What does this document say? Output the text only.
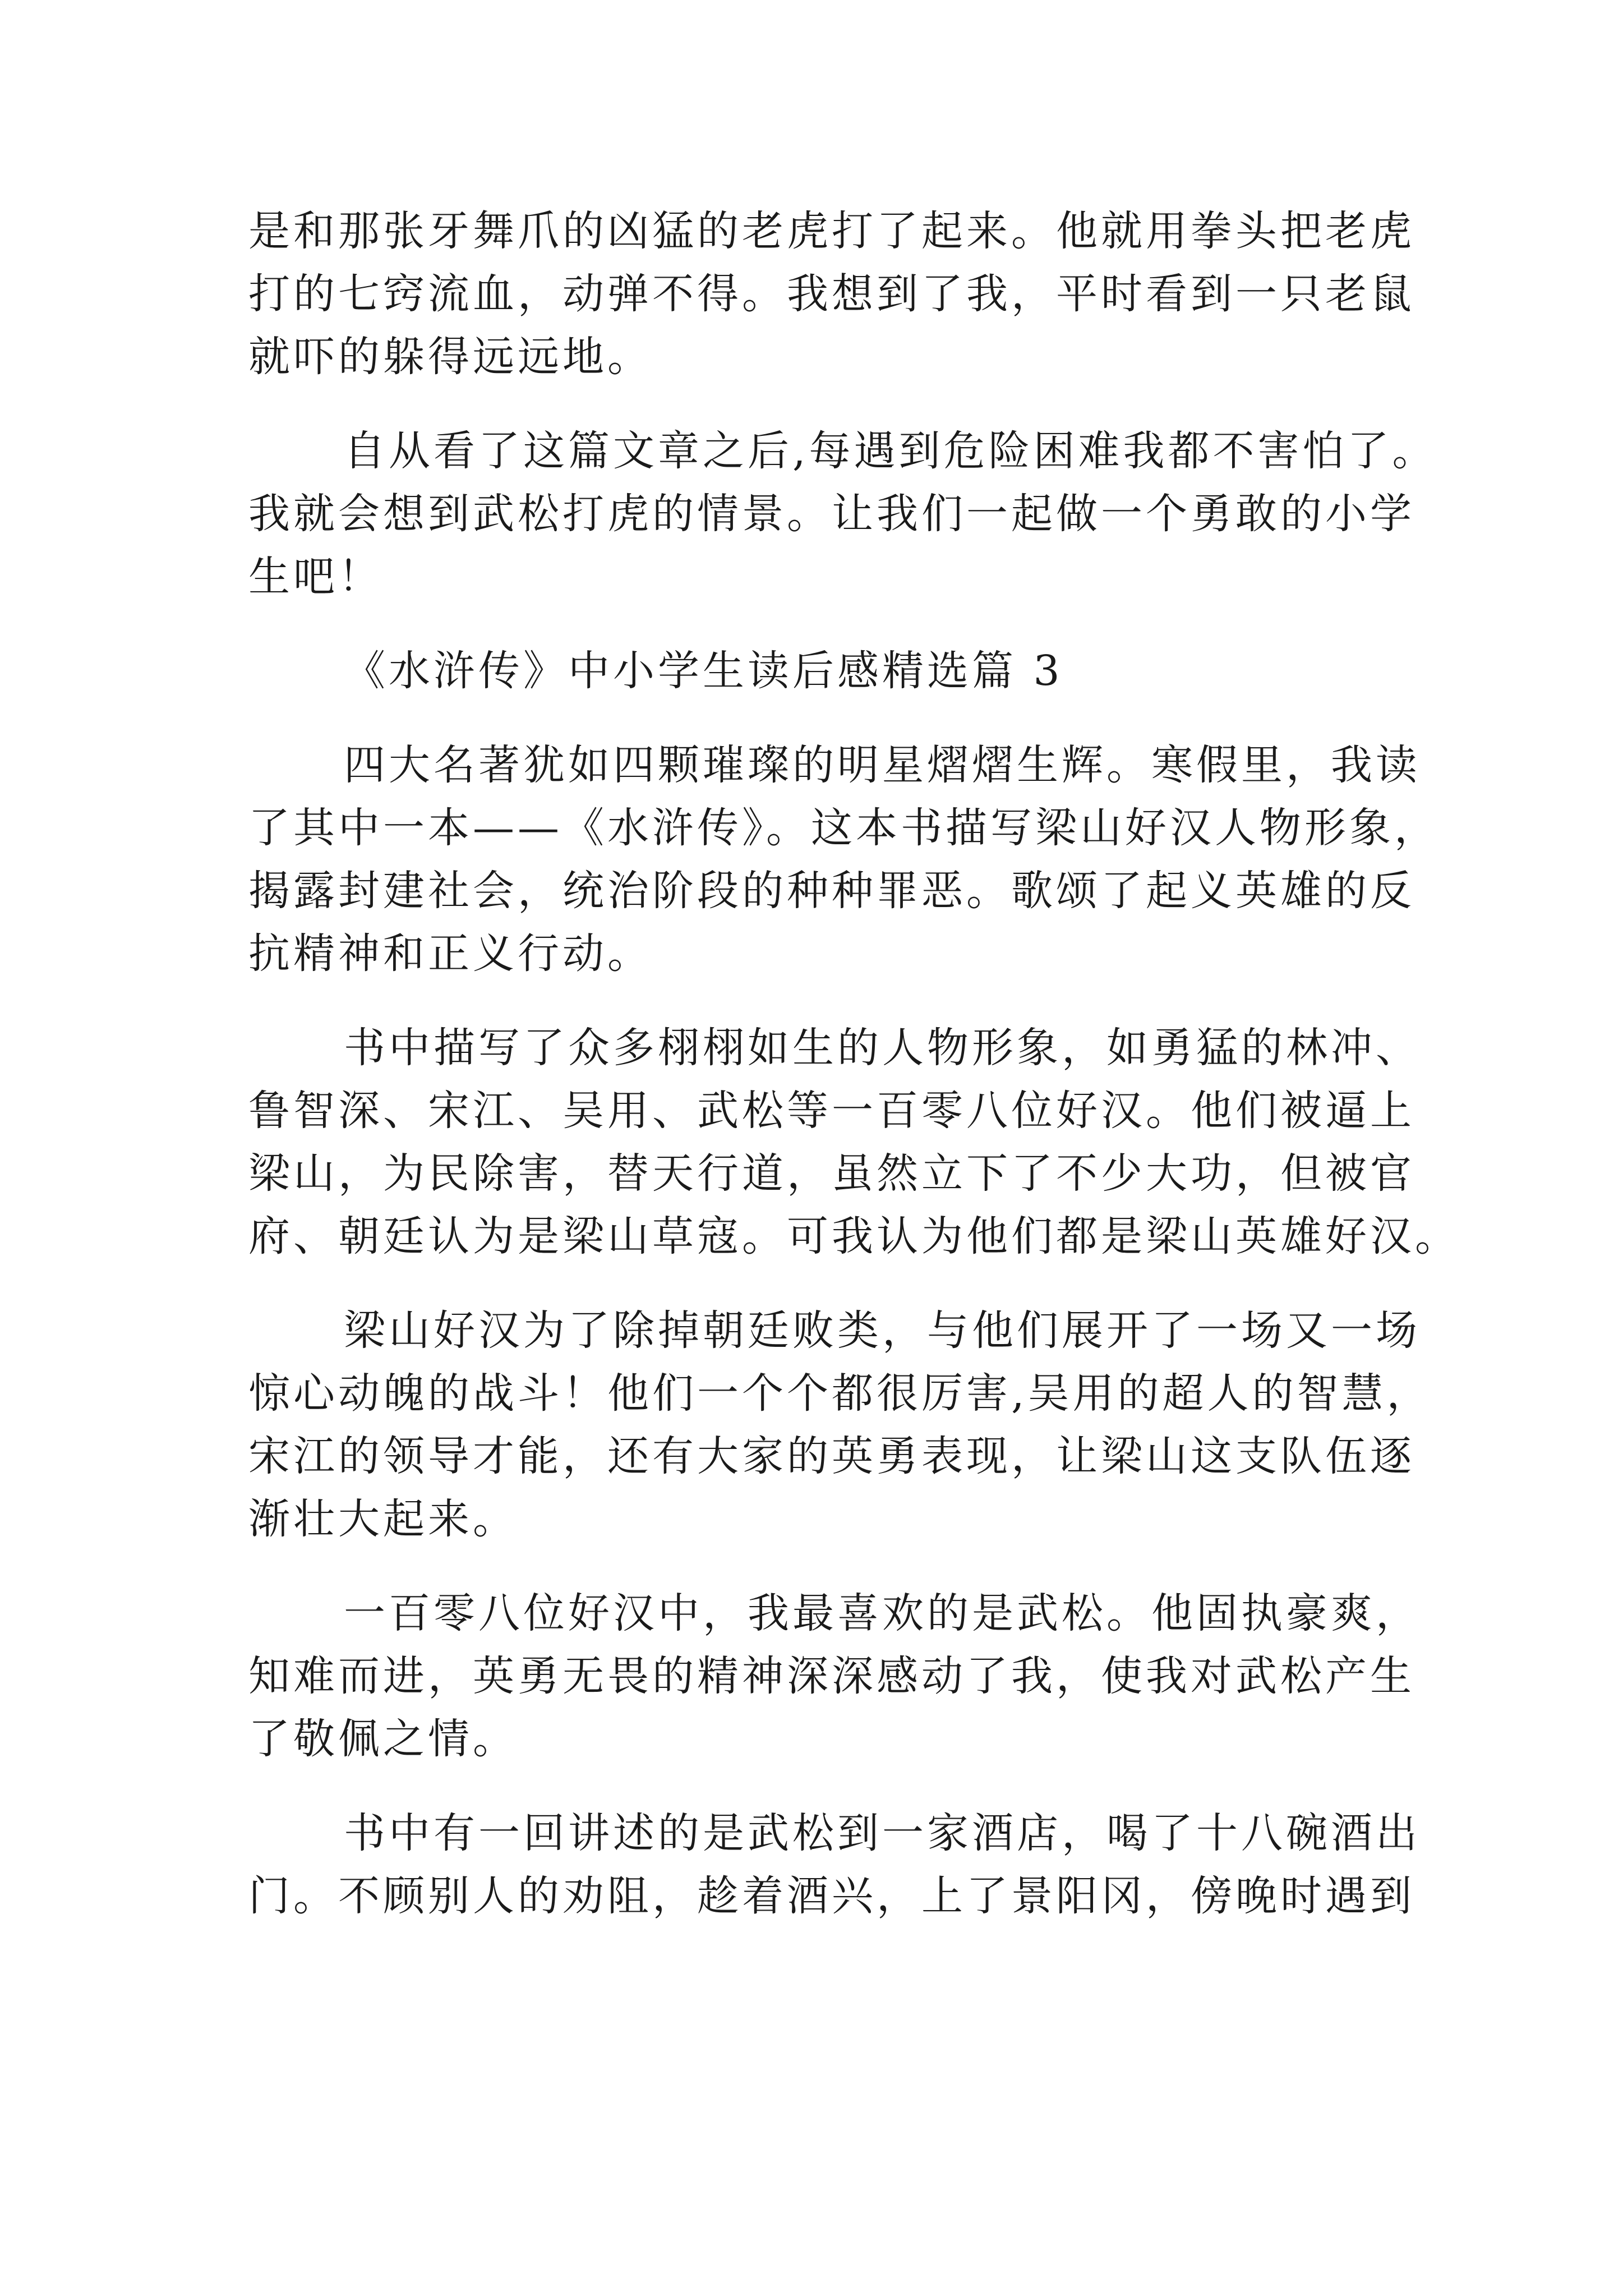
是和那张牙舞爪的凶猛的老虎打了起来。他就用拳头把老虎
打的七窍流血，动弹不得。我想到了我，平时看到一只老鼠
就吓的躲得远远地。
自从看了这篇文章之后,每遇到危险困难我都不害怕了。
我就会想到武松打虎的情景。让我们一起做一个勇敢的小学
生吧！
《水浒传》中小学生读后感精选篇 3
四大名著犹如四颗璀璨的明星熠熠生辉。寒假里，我读
了其中一本——《水浒传》。这本书描写梁山好汉人物形象，
揭露封建社会，统治阶段的种种罪恶。歌颂了起义英雄的反
抗精神和正义行动。
书中描写了众多栩栩如生的人物形象，如勇猛的林冲、
鲁智深、宋江、吴用、武松等一百零八位好汉。他们被逼上
梁山，为民除害，替天行道，虽然立下了不少大功，但被官
府、朝廷认为是梁山草寇。可我认为他们都是梁山英雄好汉。
梁山好汉为了除掉朝廷败类，与他们展开了一场又一场
惊心动魄的战斗！他们一个个都很厉害,吴用的超人的智慧，
宋江的领导才能，还有大家的英勇表现，让梁山这支队伍逐
渐壮大起来。
一百零八位好汉中，我最喜欢的是武松。他固执豪爽，
知难而进，英勇无畏的精神深深感动了我，使我对武松产生
了敬佩之情。
书中有一回讲述的是武松到一家酒店，喝了十八碗酒出
门。不顾别人的劝阻，趁着酒兴，上了景阳冈，傍晚时遇到
